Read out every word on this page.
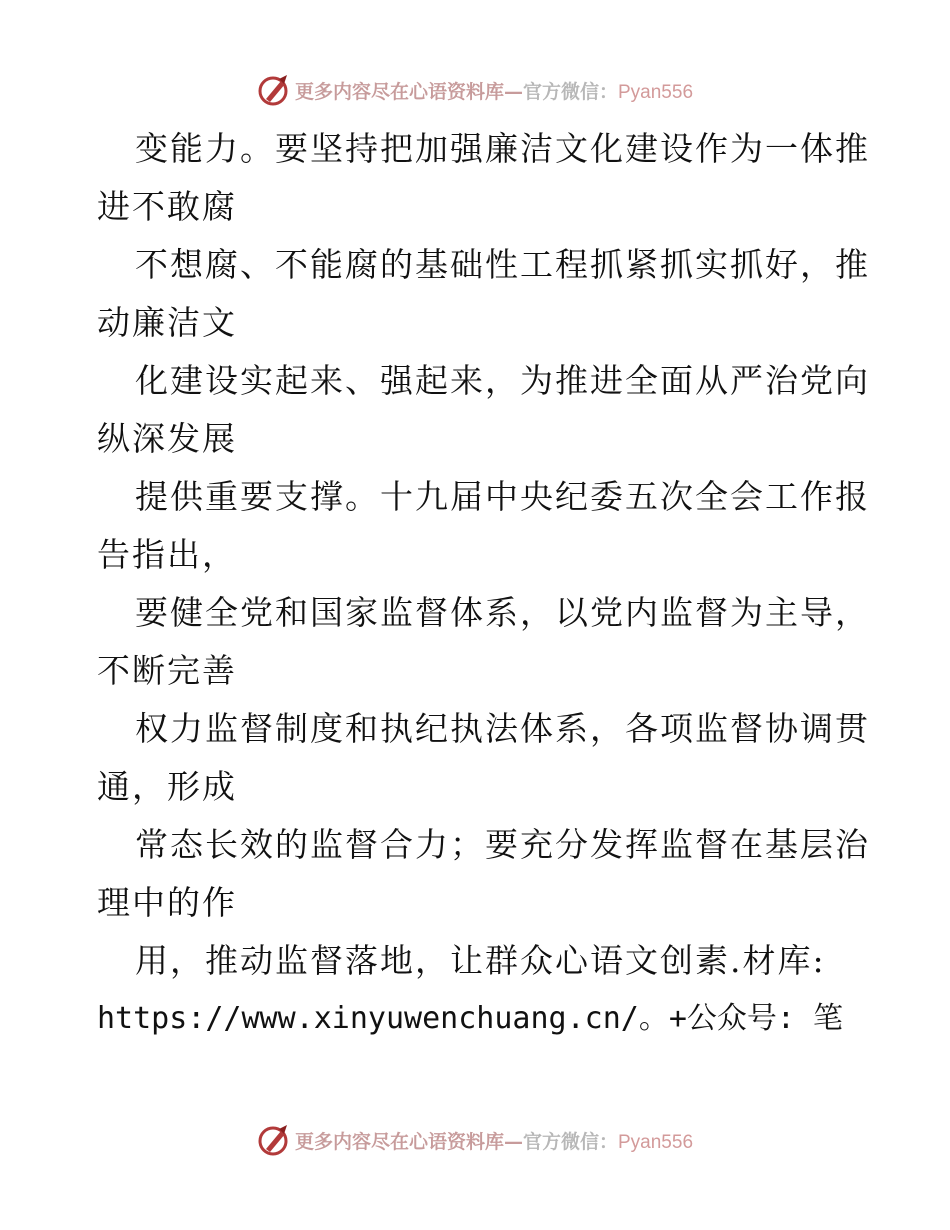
更多内容尽在心语资料库—官方微信：Pyan556
变能力。要坚持把加强廉洁文化建设作为一体推
进不敢腐
不想腐、不能腐的基础性工程抓紧抓实抓好，推
动廉洁文
化建设实起来、强起来，为推进全面从严治党向
纵深发展
提供重要支撑。十九届中央纪委五次全会工作报
告指出，
要健全党和国家监督体系，以党内监督为主导，
不断完善
权力监督制度和执纪执法体系，各项监督协调贯
通，形成
常态长效的监督合力；要充分发挥监督在基层治
理中的作
用，推动监督落地，让群众心语文创素.材库:
https://www.xinyuwenchuang.cn/。+公众号: 笔
更多内容尽在心语资料库—官方微信：Pyan556
